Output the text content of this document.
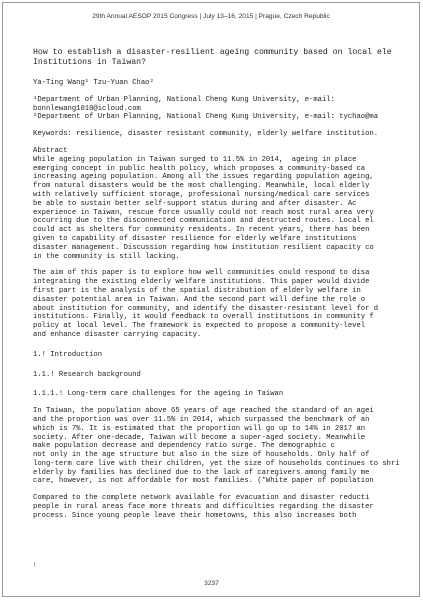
29th Annual AESOP 2015 Congress | July 13–16, 2015 | Prague, Czech Republic
How to establish a disaster-resilient ageing community based on local ele
Institutions in Taiwan?
Ya-Ting Wang¹ Tzu-Yuan Chao²
¹Department of Urban Planning, National Cheng Kung University, e-mail:
bonnlewang1010@icloud.com
²Department of Urban Planning, National Cheng Kung University, e-mail: tychao@ma
Keywords: resilience, disaster resistant community, elderly welfare institution.
Abstract
While ageing population in Taiwan surged to 11.5% in 2014,  ageing in place
emerging concept in public health policy, which proposes a community-based ca
increasing ageing population. Among all the issues regarding population ageing,
from natural disasters would be the most challenging. Meanwhile, local elderly
with relatively sufficient storage, professional nursing/medical care services
be able to sustain better self-support status during and after disaster. Ac
experience in Taiwan, rescue force usually could not reach most rural area very
occurring due to the disconnected communication and destructed routes. Local el
could act as shelters for community residents. In recent years, there has been
given to capability of disaster resilience for elderly welfare institutions
disaster management. Discussion regarding how institution resilient capacity co
in the community is still lacking.
The aim of this paper is to explore how well communities could respond to disa
integrating the existing elderly welfare institutions. This paper would divide
first part is the analysis of the spatial distribution of elderly welfare in
disaster potential area in Taiwan. And the second part will define the role o
about institution for community, and identify the disaster-resistant level for d
institutions. Finally, it would feedback to overall institutions in community f
policy at local level. The framework is expected to propose a community-level
and enhance disaster carrying capacity.
1.! Introduction
1.1.! Research background
1.1.1.! Long-term care challenges for the ageing in Taiwan
In Taiwan, the population above 65 years of age reached the standard of an agei
and the proportion was over 11.5% in 2014, which surpassed the benchmark of an
which is 7%. It is estimated that the proportion will go up to 14% in 2017 an
society. After one-decade, Taiwan will become a super-aged society. Meanwhile
make population decrease and dependency ratio surge. The demographic c
not only in the age structure but also in the size of households. Only half of
long-term care live with their children, yet the size of households continues to shri
elderly by families has declined due to the lack of caregivers among family me
care, however, is not affordable for most families. (*White paper of population
Compared to the complete network available for evacuation and disaster reducti
people in rural areas face more threats and difficulties regarding the disaster
process. Since young people leave their hometowns, this also increases both
!
3237
